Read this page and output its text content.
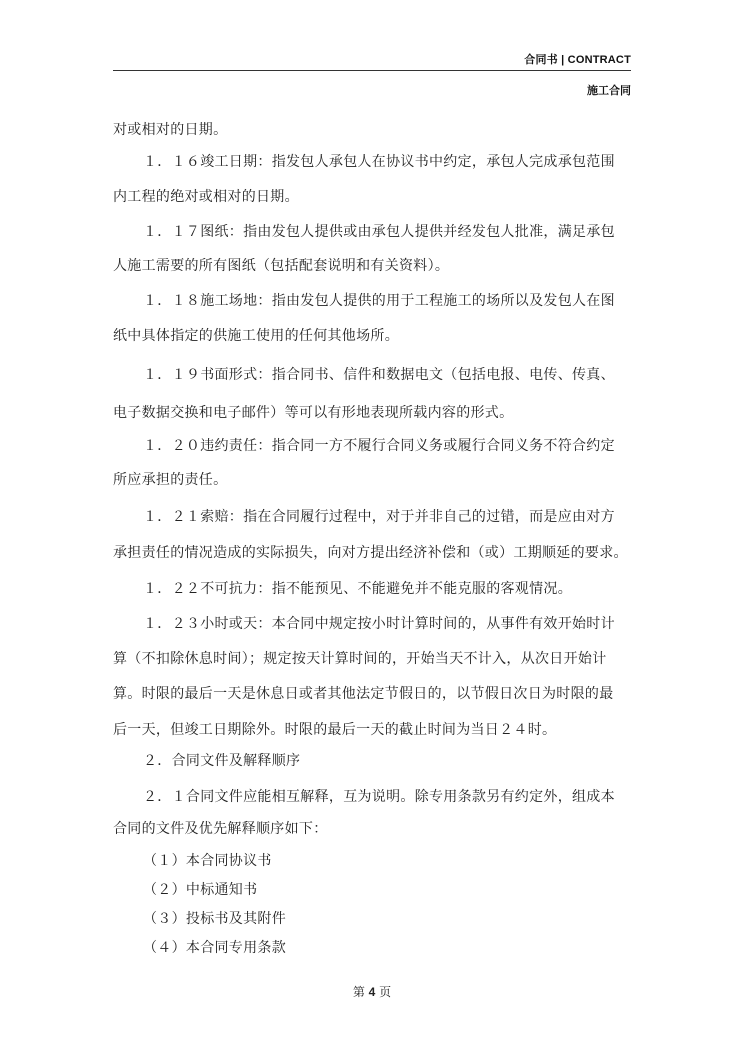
合同书 | CONTRACT
施工合同
对或相对的日期。
１．１６竣工日期：指发包人承包人在协议书中约定，承包人完成承包范围
内工程的绝对或相对的日期。
１．１７图纸：指由发包人提供或由承包人提供并经发包人批准，满足承包
人施工需要的所有图纸（包括配套说明和有关资料）。
１．１８施工场地：指由发包人提供的用于工程施工的场所以及发包人在图
纸中具体指定的供施工使用的任何其他场所。
１．１９书面形式：指合同书、信件和数据电文（包括电报、电传、传真、
电子数据交换和电子邮件）等可以有形地表现所载内容的形式。
１．２０违约责任：指合同一方不履行合同义务或履行合同义务不符合约定
所应承担的责任。
１．２１索赔：指在合同履行过程中，对于并非自己的过错，而是应由对方
承担责任的情况造成的实际损失，向对方提出经济补偿和（或）工期顺延的要求。
１．２２不可抗力：指不能预见、不能避免并不能克服的客观情况。
１．２３小时或天：本合同中规定按小时计算时间的，从事件有效开始时计
算（不扣除休息时间）；规定按天计算时间的，开始当天不计入，从次日开始计
算。时限的最后一天是休息日或者其他法定节假日的，以节假日次日为时限的最
后一天，但竣工日期除外。时限的最后一天的截止时间为当日２４时。
２．合同文件及解释顺序
２．１合同文件应能相互解释，互为说明。除专用条款另有约定外，组成本
合同的文件及优先解释顺序如下：
（１）本合同协议书
（２）中标通知书
（３）投标书及其附件
（４）本合同专用条款
第 4 页
